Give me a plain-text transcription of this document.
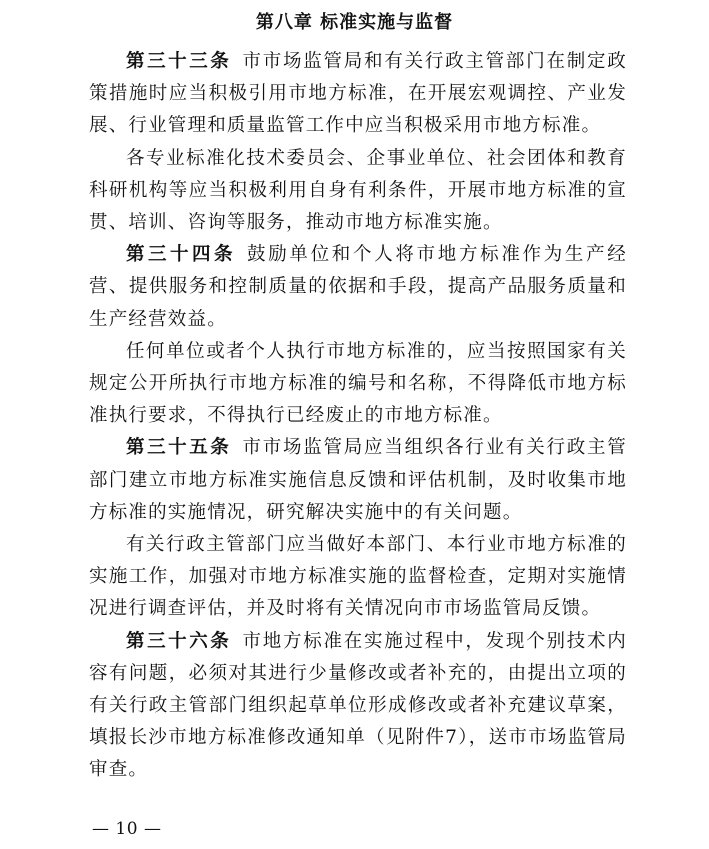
第八章 标准实施与监督

第三十三条 市市场监管局和有关行政主管部门在制定政策措施时应当积极引用市地方标准，在开展宏观调控、产业发展、行业管理和质量监管工作中应当积极采用市地方标准。

各专业标准化技术委员会、企事业单位、社会团体和教育科研机构等应当积极利用自身有利条件，开展市地方标准的宣贯、培训、咨询等服务，推动市地方标准实施。

第三十四条 鼓励单位和个人将市地方标准作为生产经营、提供服务和控制质量的依据和手段，提高产品服务质量和生产经营效益。

任何单位或者个人执行市地方标准的，应当按照国家有关规定公开所执行市地方标准的编号和名称，不得降低市地方标准执行要求，不得执行已经废止的市地方标准。

第三十五条 市市场监管局应当组织各行业有关行政主管部门建立市地方标准实施信息反馈和评估机制，及时收集市地方标准的实施情况，研究解决实施中的有关问题。

有关行政主管部门应当做好本部门、本行业市地方标准的实施工作，加强对市地方标准实施的监督检查，定期对实施情况进行调查评估，并及时将有关情况向市市场监管局反馈。

第三十六条 市地方标准在实施过程中，发现个别技术内容有问题，必须对其进行少量修改或者补充的，由提出立项的有关行政主管部门组织起草单位形成修改或者补充建议草案，填报长沙市地方标准修改通知单（见附件7），送市市场监管局审查。

— 10 —
